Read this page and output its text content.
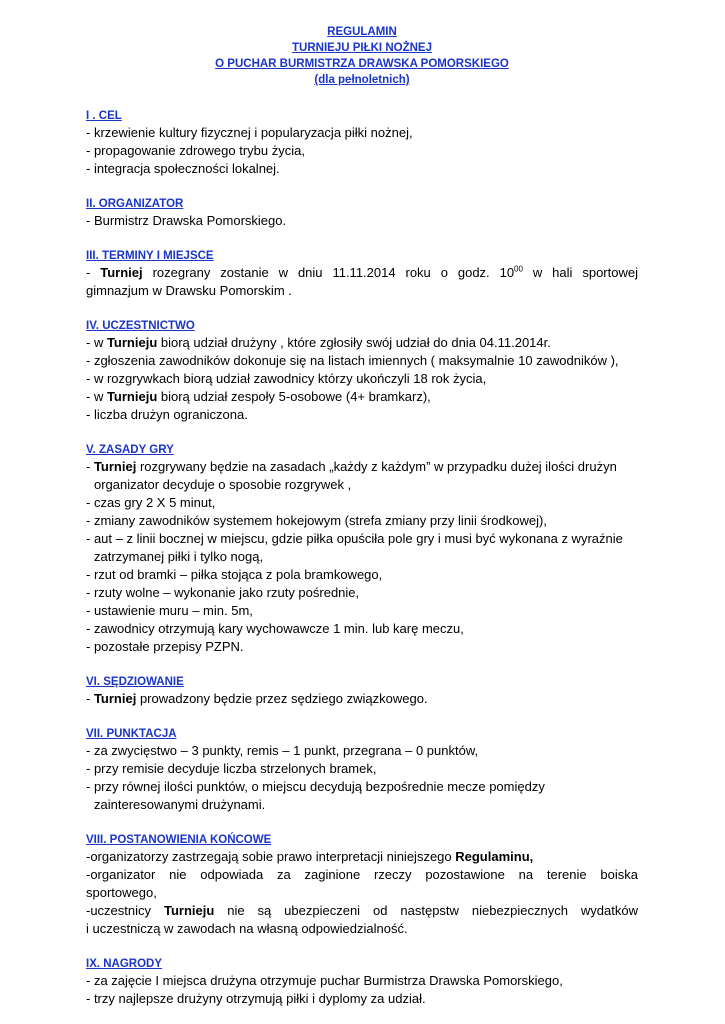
REGULAMIN
TURNIEJU PIŁKI NOŻNEJ
O PUCHAR BURMISTRZA DRAWSKA POMORSKIEGO
(dla pełnoletnich)
I . CEL
- krzewienie kultury fizycznej i popularyzacja piłki nożnej,
- propagowanie zdrowego trybu życia,
- integracja społeczności lokalnej.
II. ORGANIZATOR
- Burmistrz Drawska Pomorskiego.
III. TERMINY I MIEJSCE
- Turniej rozegrany zostanie w dniu 11.11.2014 roku o godz. $10^{00}$ w hali sportowej
gimnazjum w Drawsku Pomorskim .
IV. UCZESTNICTWO
- w Turnieju biorą udział drużyny , które zgłosiły swój udział do dnia 04.11.2014r.
- zgłoszenia zawodników dokonuje się na listach imiennych ( maksymalnie 10 zawodników ),
- w rozgrywkach biorą udział zawodnicy którzy ukończyli 18 rok życia,
- w Turnieju biorą udział zespoły 5-osobowe (4+ bramkarz),
- liczba drużyn ograniczona.
V. ZASADY GRY
- Turniej rozgrywany będzie na zasadach „każdy z każdym” w przypadku dużej ilości drużyn
organizator decyduje o sposobie rozgrywek ,
- czas gry 2 X 5 minut,
- zmiany zawodników systemem hokejowym (strefa zmiany przy linii środkowej),
- aut – z linii bocznej w miejscu, gdzie piłka opuściła pole gry i musi być wykonana z wyraźnie
zatrzymanej piłki i tylko nogą,
- rzut od bramki – piłka stojąca z pola bramkowego,
- rzuty wolne – wykonanie jako rzuty pośrednie,
- ustawienie muru – min. 5m,
- zawodnicy otrzymują kary wychowawcze 1 min. lub karę meczu,
- pozostałe przepisy PZPN.
VI. SĘDZIOWANIE
- Turniej prowadzony będzie przez sędziego związkowego.
VII. PUNKTACJA
- za zwycięstwo – 3 punkty, remis – 1 punkt, przegrana – 0 punktów,
- przy remisie decyduje liczba strzelonych bramek,
- przy równej ilości punktów, o miejscu decydują bezpośrednie mecze pomiędzy
zainteresowanymi drużynami.
VIII. POSTANOWIENIA KOŃCOWE
-organizatorzy zastrzegają sobie prawo interpretacji niniejszego Regulaminu,
-organizator nie odpowiada za zaginione rzeczy pozostawione na terenie boiska
sportowego,
-uczestnicy Turnieju nie są ubezpieczeni od następstw niebezpiecznych wydatków
i uczestniczą w zawodach na własną odpowiedzialność.
IX. NAGRODY
- za zajęcie I miejsca drużyna otrzymuje puchar Burmistrza Drawska Pomorskiego,
- trzy najlepsze drużyny otrzymują piłki i dyplomy za udział.
